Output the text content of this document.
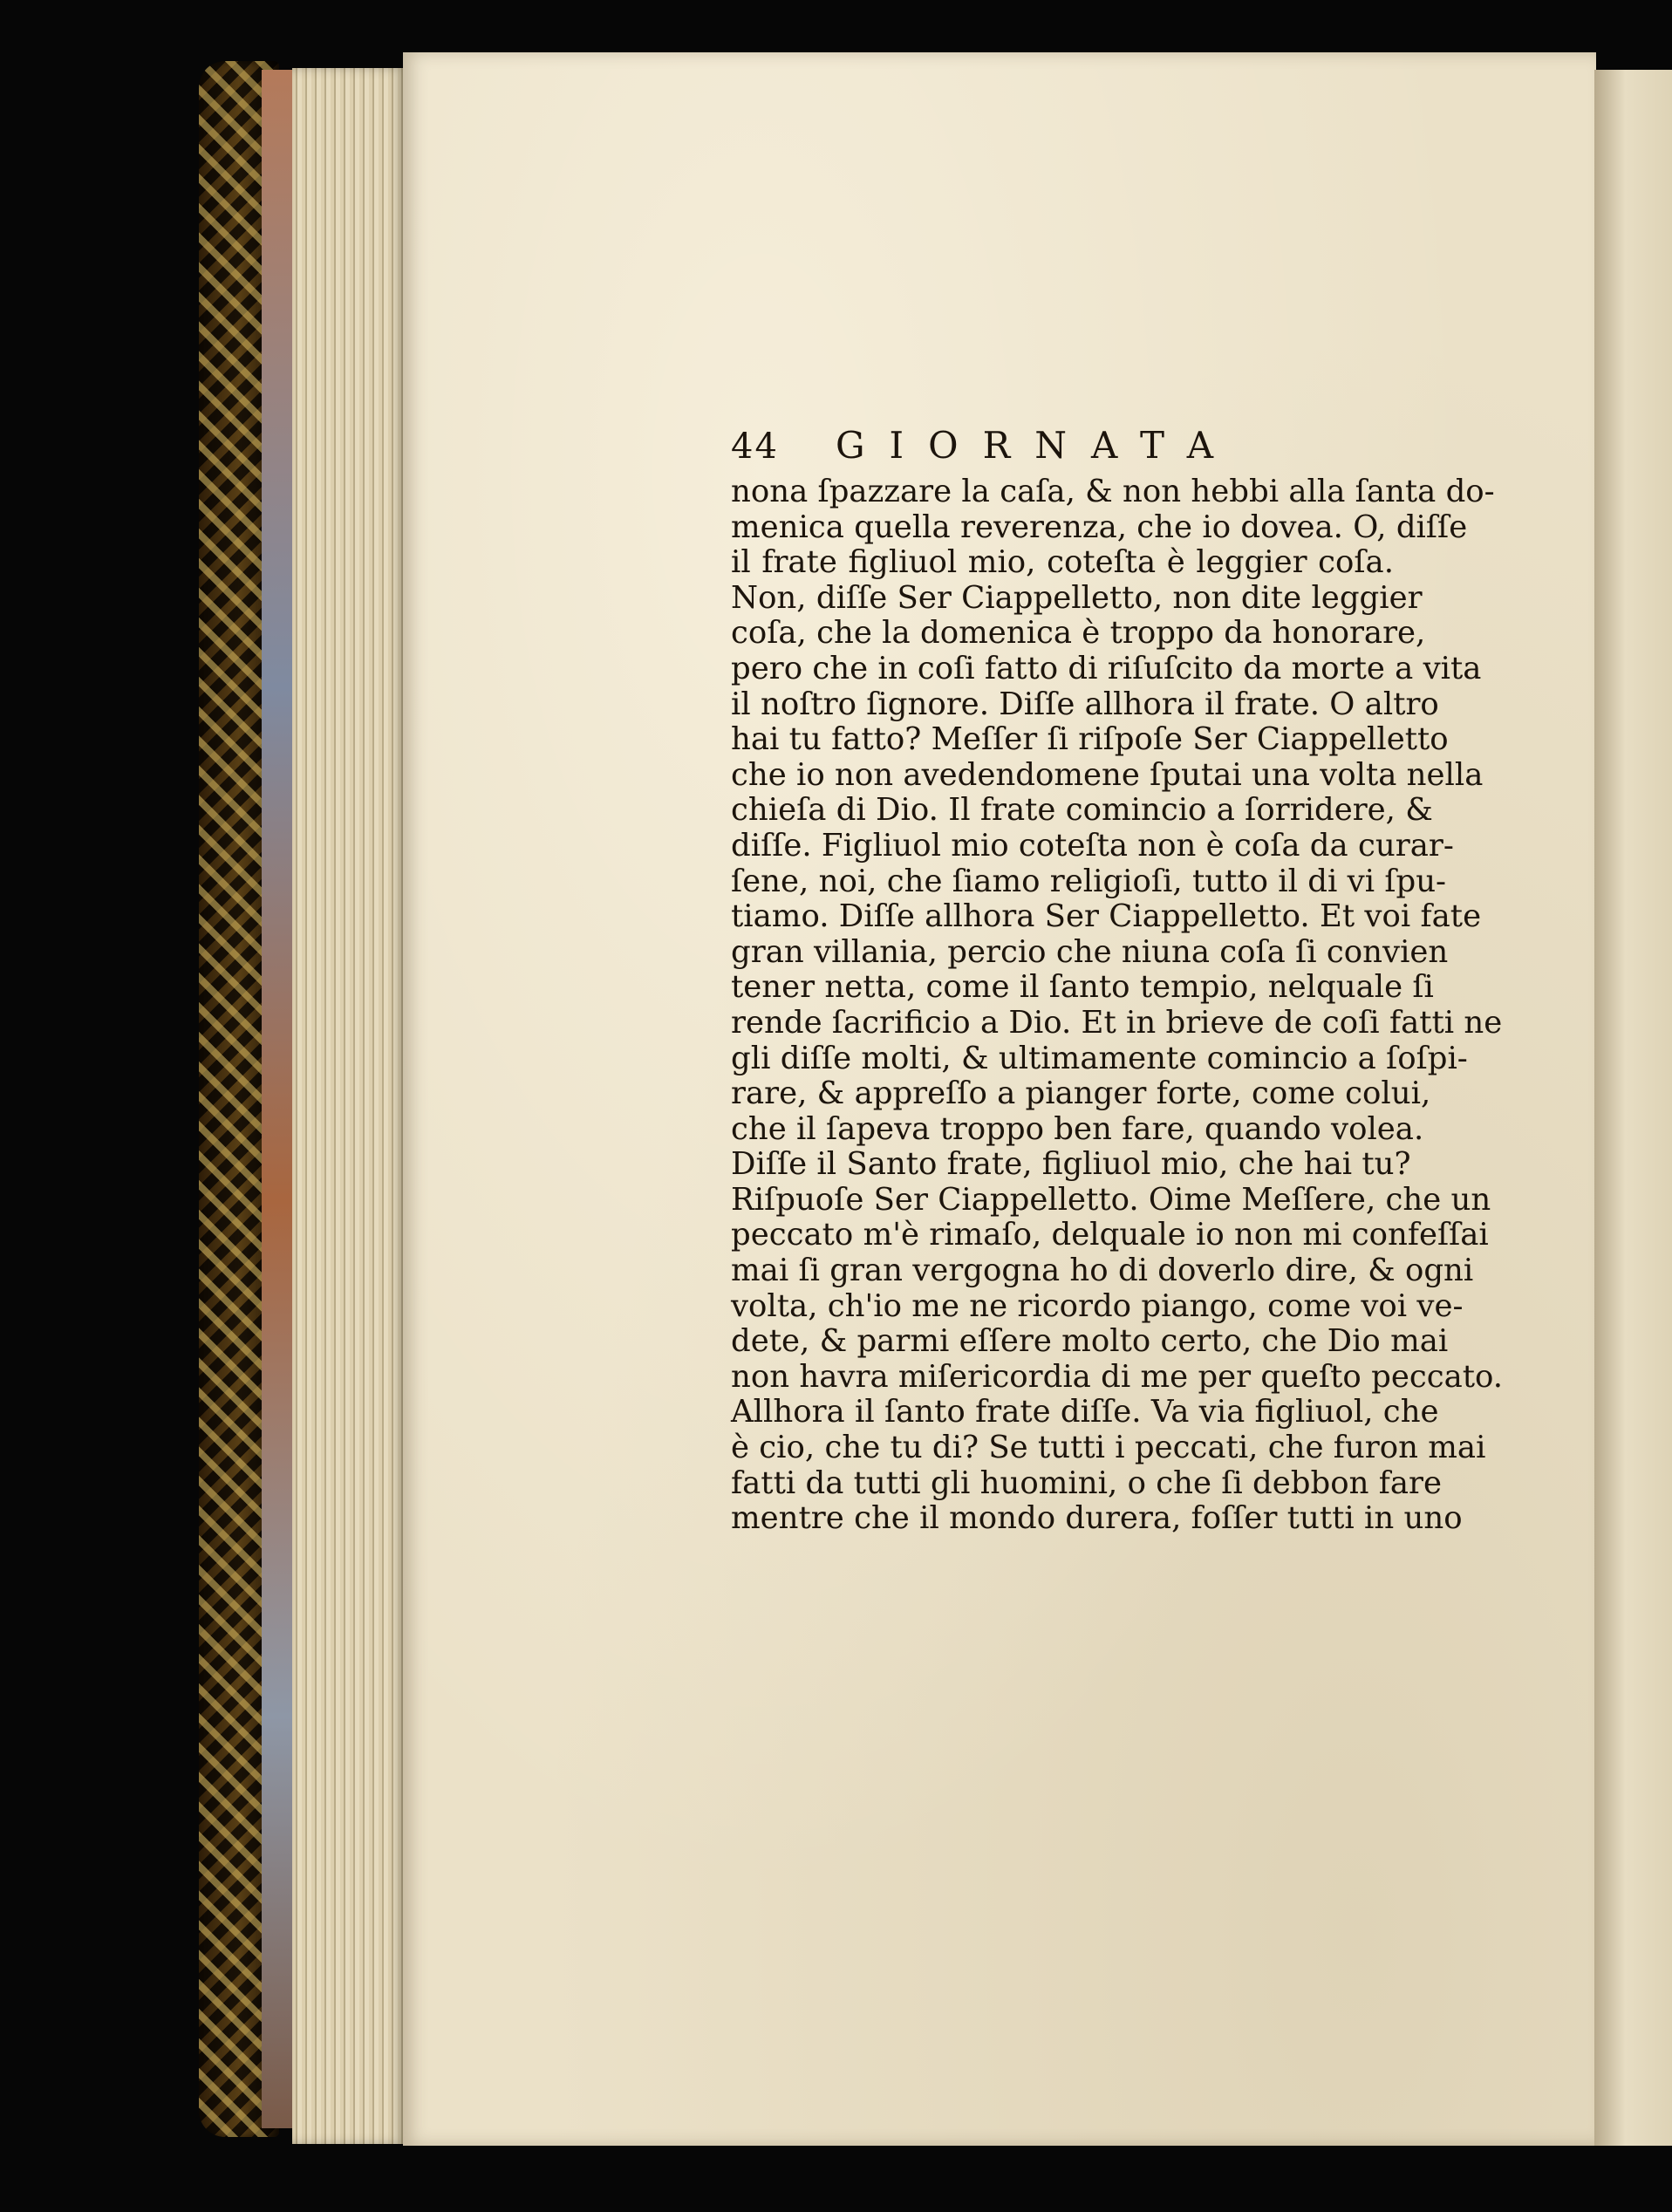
44	GIORNATA
nona ſpazzare la caſa, & non hebbi alla ſanta do-
menica quella reverenza, che io dovea. O, diſſe
il frate figliuol mio, coteſta è leggier coſa.
Non, diſſe Ser Ciappelletto, non dite leggier
coſa, che la domenica è troppo da honorare,
pero che in coſi fatto di riſuſcito da morte a vita
il noſtro ſignore. Diſſe allhora il frate. O altro
hai tu fatto? Meſſer ſi riſpoſe Ser Ciappelletto
che io non avedendomene ſputai una volta nella
chieſa di Dio. Il frate comincio a ſorridere, &
diſſe. Figliuol mio coteſta non è coſa da curar-
ſene, noi, che ſiamo religioſi, tutto il di vi ſpu-
tiamo. Diſſe allhora Ser Ciappelletto. Et voi fate
gran villania, percio che niuna coſa ſi convien
tener netta, come il ſanto tempio, nelquale ſi
rende ſacrificio a Dio. Et in brieve de coſi fatti ne
gli diſſe molti, & ultimamente comincio a ſoſpi-
rare, & appreſſo a pianger forte, come colui,
che il ſapeva troppo ben fare, quando volea.
Diſſe il Santo frate, figliuol mio, che hai tu?
Riſpuoſe Ser Ciappelletto. Oime Meſſere, che un
peccato m'è rimaſo, delquale io non mi confeſſai
mai ſi gran vergogna ho di doverlo dire, & ogni
volta, ch'io me ne ricordo piango, come voi ve-
dete, & parmi eſſere molto certo, che Dio mai
non havra miſericordia di me per queſto peccato.
Allhora il ſanto frate diſſe. Va via figliuol, che
è cio, che tu di? Se tutti i peccati, che furon mai
fatti da tutti gli huomini, o che ſi debbon fare
mentre che il mondo durera, foſſer tutti in uno
